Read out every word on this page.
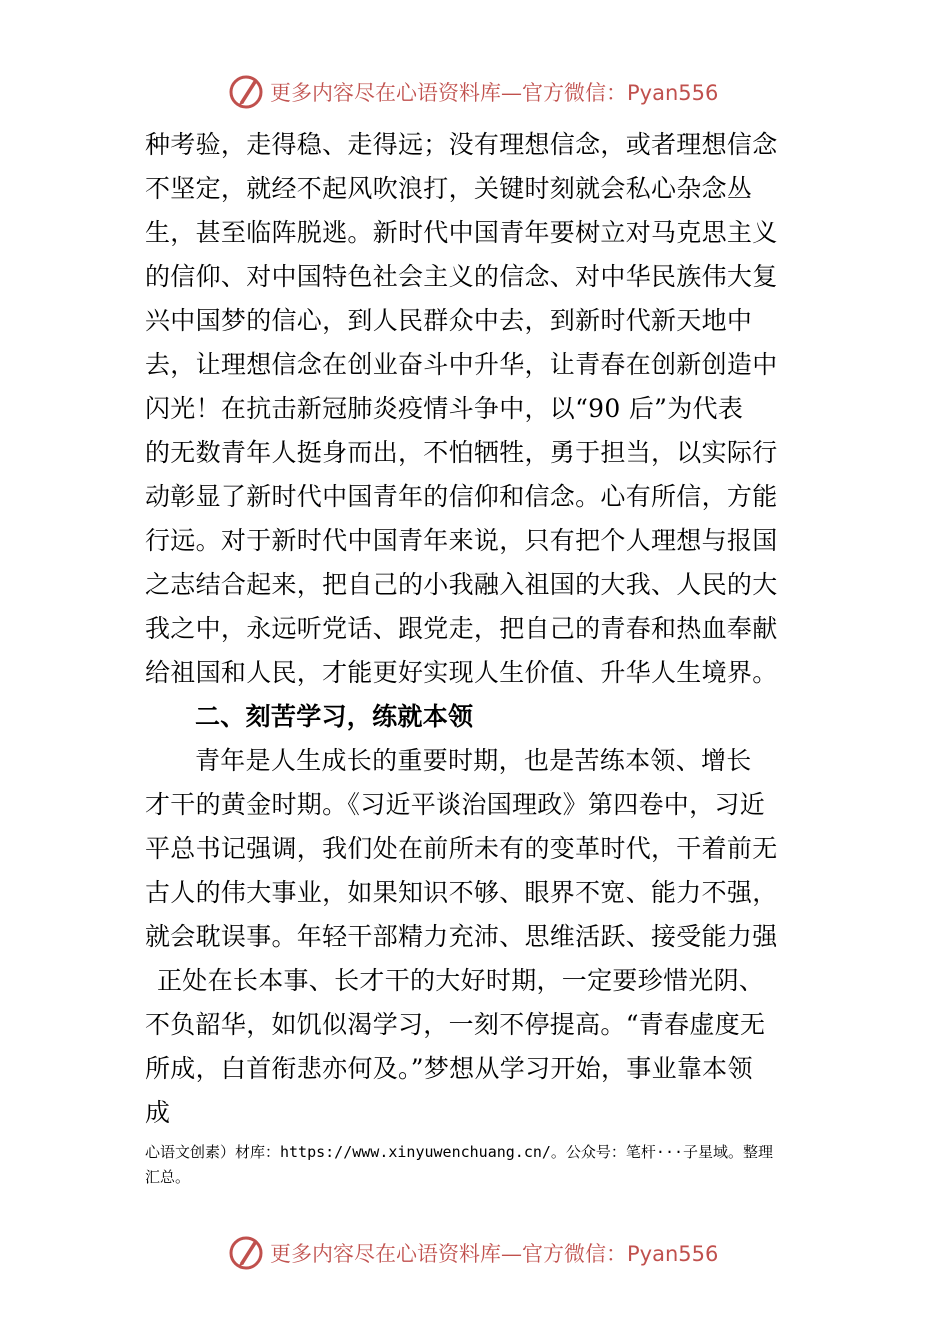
更多内容尽在心语资料库—官方微信：Pyan556
种考验，走得稳、走得远；没有理想信念，或者理想信念
不坚定，就经不起风吹浪打，关键时刻就会私心杂念丛
生，甚至临阵脱逃。新时代中国青年要树立对马克思主义
的信仰、对中国特色社会主义的信念、对中华民族伟大复
兴中国梦的信心，到人民群众中去，到新时代新天地中
去，让理想信念在创业奋斗中升华，让青春在创新创造中
闪光！在抗击新冠肺炎疫情斗争中，以“90 后”为代表
的无数青年人挺身而出，不怕牺牲，勇于担当，以实际行
动彰显了新时代中国青年的信仰和信念。心有所信，方能
行远。对于新时代中国青年来说，只有把个人理想与报国
之志结合起来，把自己的小我融入祖国的大我、人民的大
我之中，永远听党话、跟党走，把自己的青春和热血奉献
给祖国和人民，才能更好实现人生价值、升华人生境界。
二、刻苦学习，练就本领
青年是人生成长的重要时期，也是苦练本领、增长
才干的黄金时期。《习近平谈治国理政》第四卷中，习近
平总书记强调，我们处在前所未有的变革时代，干着前无
古人的伟大事业，如果知识不够、眼界不宽、能力不强，
就会耽误事。年轻干部精力充沛、思维活跃、接受能力强
正处在长本事、长才干的大好时期，一定要珍惜光阴、
不负韶华，如饥似渴学习，一刻不停提高。“青春虚度无
所成，白首衔悲亦何及。”梦想从学习开始，事业靠本领
成
心语文创素）材库：https://www.xinyuwenchuang.cn/。公众号：笔杆···子星域。整理
汇总。
更多内容尽在心语资料库—官方微信：Pyan556
